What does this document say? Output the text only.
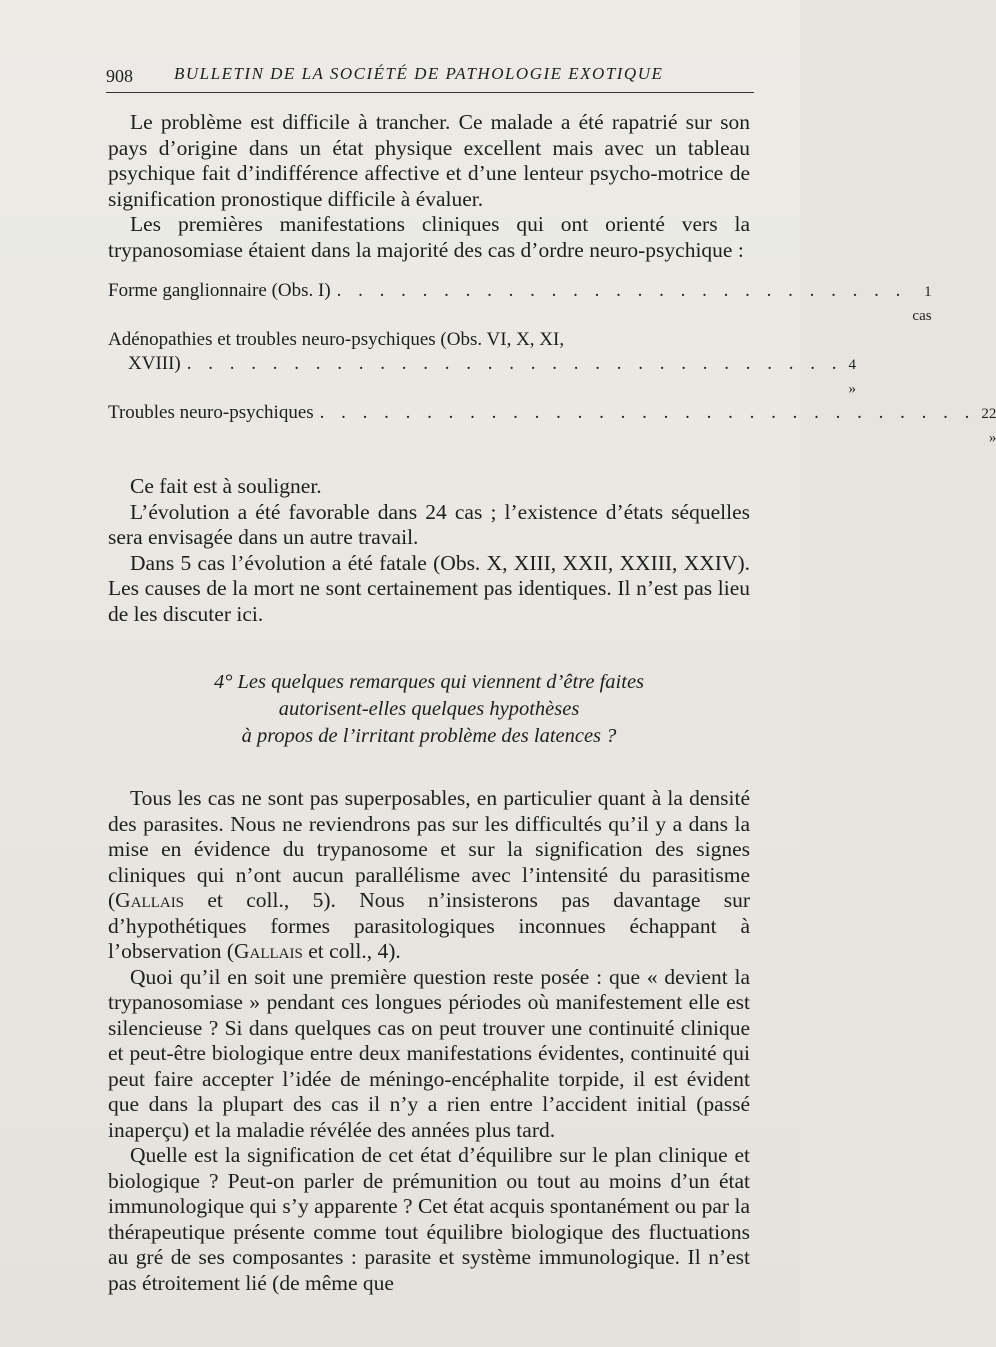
908 BULLETIN DE LA SOCIÉTÉ DE PATHOLOGIE EXOTIQUE

Le problème est difficile à trancher. Ce malade a été rapatrié sur son pays d’origine dans un état physique excellent mais avec un tableau psychique fait d’indifférence affective et d’une lenteur psycho-motrice de signification pronostique difficile à évaluer.

Les premières manifestations cliniques qui ont orienté vers la trypanosomiase étaient dans la majorité des cas d’ordre neuro-psychique :

Forme ganglionnaire (Obs. I) . . . . . . . . . . . . . . . . . . . . . . . . . . .	1 cas
Adénopathies et troubles neuro-psychiques (Obs. VI, X, XI,
XVIII) . . . . . . . . . . . . . . . . . . . . . . . . . . . . . . . 4 »
Troubles neuro-psychiques . . . . . . . . . . . . . . . . . . . . . . . . . . . . . . . 22 »

Ce fait est à souligner.

L’évolution a été favorable dans 24 cas ; l’existence d’états séquelles sera envisagée dans un autre travail.

Dans 5 cas l’évolution a été fatale (Obs. X, XIII, XXII, XXIII, XXIV). Les causes de la mort ne sont certainement pas identiques. Il n’est pas lieu de les discuter ici.

4° Les quelques remarques qui viennent d’être faites
autorisent-elles quelques hypothèses
à propos de l’irritant problème des latences ?

Tous les cas ne sont pas superposables, en particulier quant à la densité des parasites. Nous ne reviendrons pas sur les difficultés qu’il y a dans la mise en évidence du trypanosome et sur la signification des signes cliniques qui n’ont aucun parallélisme avec l’intensité du parasitisme (Gallais et coll., 5). Nous n’insisterons pas davantage sur d’hypothétiques formes parasitologiques inconnues échappant à l’observation (Gallais et coll., 4).

Quoi qu’il en soit une première question reste posée : que « devient la trypanosomiase » pendant ces longues périodes où manifestement elle est silencieuse ? Si dans quelques cas on peut trouver une continuité clinique et peut-être biologique entre deux manifestations évidentes, continuité qui peut faire accepter l’idée de méningo-encéphalite torpide, il est évident que dans la plupart des cas il n’y a rien entre l’accident initial (passé inaperçu) et la maladie révélée des années plus tard.

Quelle est la signification de cet état d’équilibre sur le plan clinique et biologique ? Peut-on parler de prémunition ou tout au moins d’un état immunologique qui s’y apparente ? Cet état acquis spontanément ou par la thérapeutique présente comme tout équilibre biologique des fluctuations au gré de ses composantes : parasite et système immunologique. Il n’est pas étroitement lié (de même que
